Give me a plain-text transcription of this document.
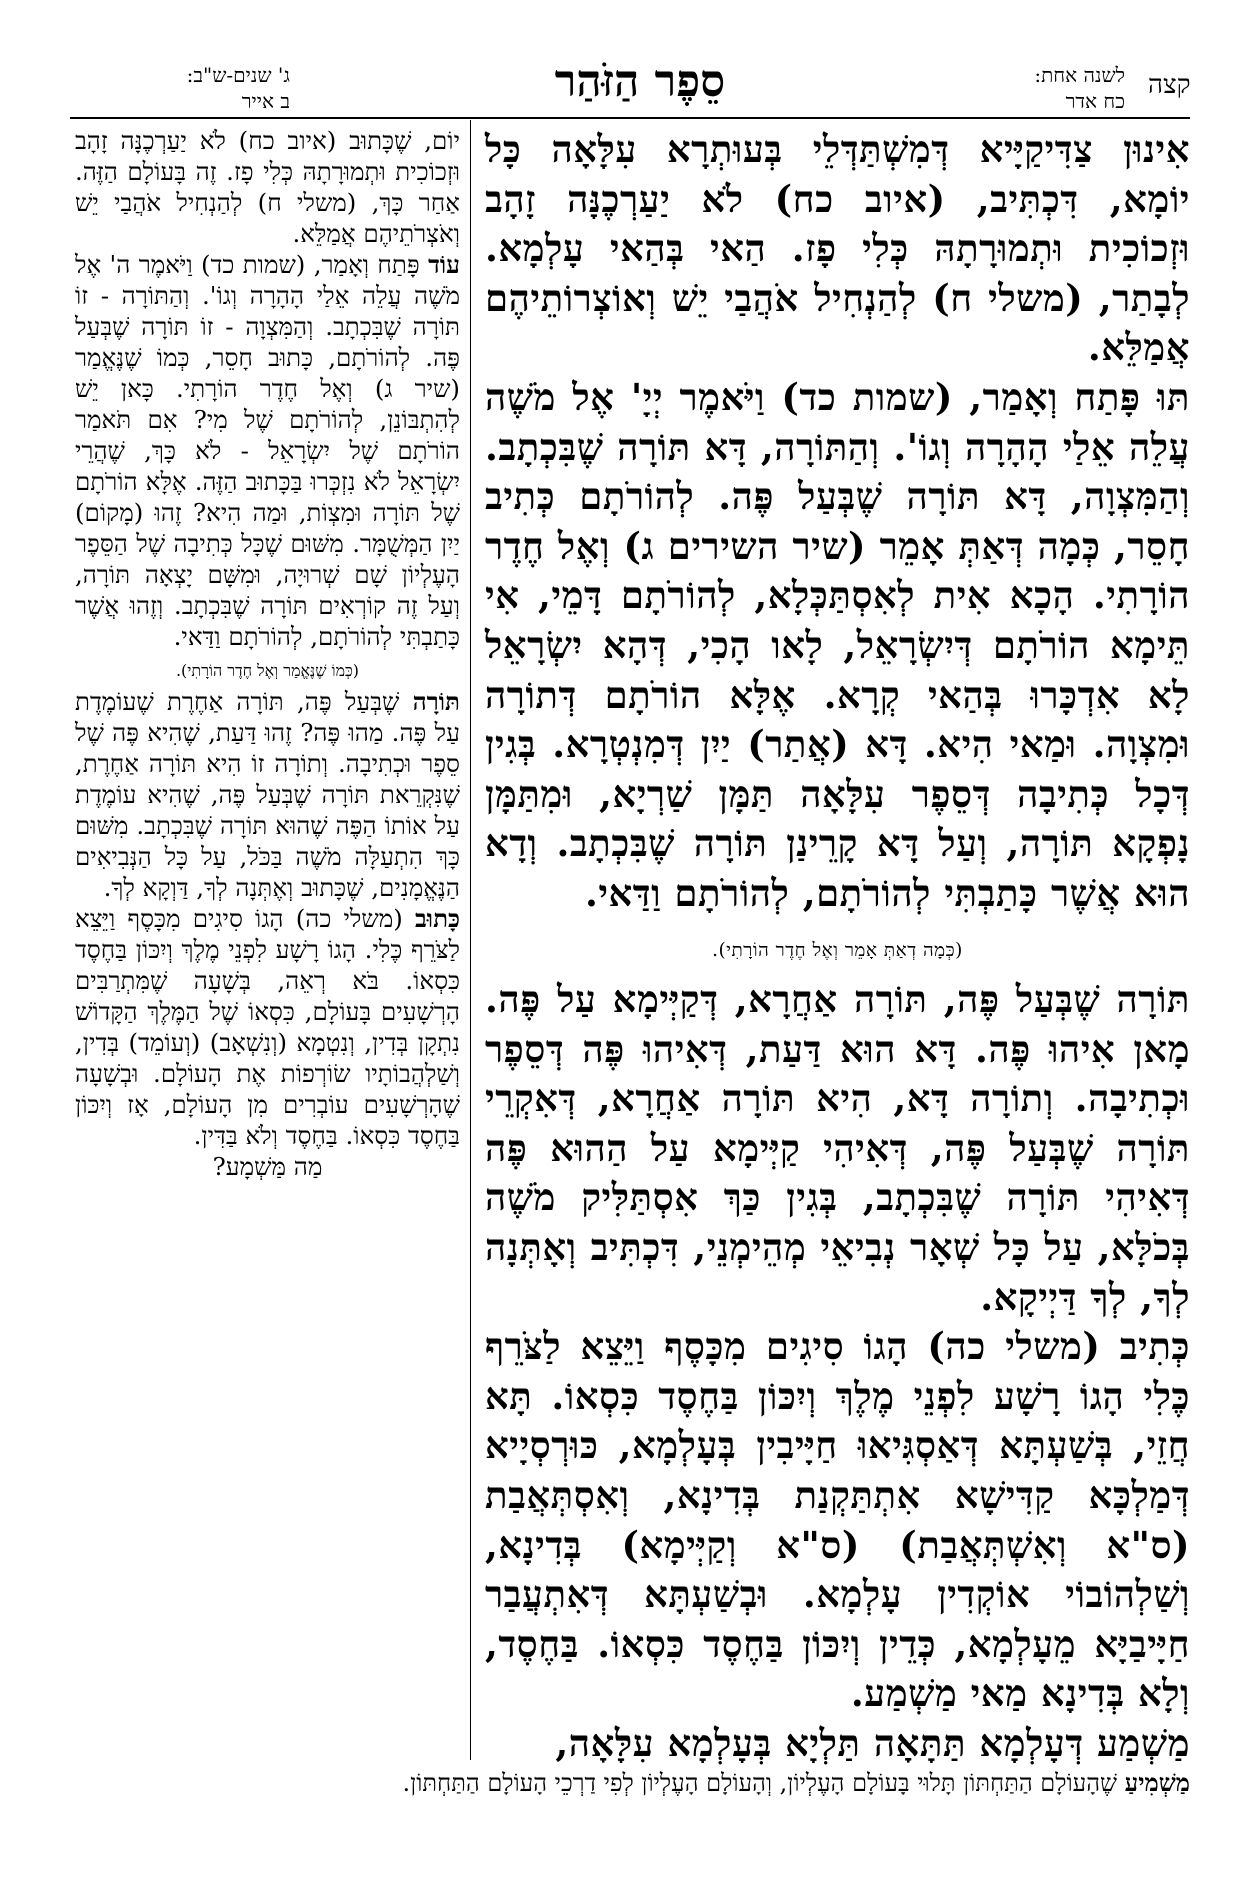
קצה
לשנה אחת:
כח אדר
סֵפֶר הַזֹּהַר
ג' שנים-ש"ב:
ב אייר

אִינוּן צַדִּיקַיָּיא דְּמִשְׁתַּדְּלֵי בְּעוּתְרָא עִלָּאָה כָּל יוֹמָא, דִּכְתִּיב, (איוב כח) לֹא יַעַרְכֶנָּה זָהָב וּזְכוֹכִית וּתְמוּרָתָהּ כְּלִי פָז. הַאי בְּהַאי עָלְמָא. לְבָתַר, (משלי ח) לְהַנְחִיל אֹהֲבַי יֵשׁ וְאוֹצְרוֹתֵיהֶם אֲמַלֵּא.

תּוּ פָּתַח וְאָמַר, (שמות כד) וַיֹּאמֶר יְיָ' אֶל מֹשֶׁה עֲלֵה אֵלַי הָהָרָה וְגוֹ'. וְהַתּוֹרָה, דָּא תּוֹרָה שֶׁבִּכְתָב. וְהַמִּצְוָה, דָּא תּוֹרָה שֶׁבְּעַל פֶּה. לְהוֹרֹתָם כְּתִיב חָסֵר, כְּמָה דְּאַתְּ אָמֵר (שיר השירים ג) וְאֶל חֶדֶר הוֹרָתִי. הָכָא אִית לְאִסְתַּכְּלָא, לְהוֹרֹתָם דָּמֵי, אִי תֵּימָא הוֹרֹתָם דְּיִשְׂרָאֵל, לָאו הָכִי, דְּהָא יִשְׂרָאֵל לָא אִדְכָּרוּ בְּהַאי קְרָא. אֶלָּא הוֹרֹתָם דְּתוֹרָה וּמִצְוָה. וּמַאי הִיא. דָּא (אֲתַר) יַיִן דְּמִנְטְרָא. בְּגִין דְּכָל כְּתִיבָה דְּסֵפֶר עִלָּאָה תַּמָּן שַׁרְיָא, וּמִתַּמָּן נָפְקָא תּוֹרָה, וְעַל דָּא קָרֵינַן תּוֹרָה שֶׁבִּכְתָב. וְדָא הוּא אֲשֶׁר כָּתַבְתִּי לְהוֹרֹתָם, לְהוֹרֹתָם וַדַּאי.

(כְּמָה דְאַתְּ אָמֵר וְאֶל חֶדֶר הוֹרָתִי).

תּוֹרָה שֶׁבְּעַל פֶּה, תּוֹרָה אַחֲרָא, דְּקַיְּימָא עַל פֶּה. מָאן אִיהוּ פֶּה. דָּא הוּא דַּעַת, דְּאִיהוּ פֶּה דְּסֵפֶר וּכְתִיבָה. וְתוֹרָה דָּא, הִיא תּוֹרָה אַחֲרָא, דְּאִקְרֵי תּוֹרָה שֶׁבְּעַל פֶּה, דְּאִיהִי קַיְּימָא עַל הַהוּא פֶּה דְּאִיהִי תּוֹרָה שֶׁבִּכְתָב, בְּגִין כַּךְ אִסְתַּלִּיק מֹשֶׁה בְּכֹלָּא, עַל כָּל שְׁאָר נְבִיאֵי מְהֵימְנֵי, דִּכְתִּיב וְאָתְּנָה לְךָ, לְךָ דַּיְיקָא.

כְּתִיב (משלי כה) הָגוֹ סִיגִים מִכָּסֶף וַיֵּצֵא לַצֹּרֵף כֶּלִי הָגוֹ רָשָׁע לִפְנֵי מֶלֶךְ וְיִכּוֹן בַּחֶסֶד כִּסְאוֹ. תָּא חֲזֵי, בְּשַׁעְתָּא דְּאַסְגִּיאוּ חַיָּיבִין בְּעָלְמָא, כּוּרְסְיָיא דְּמַלְכָּא קַדִּישָׁא אִתְתַּקְנַת בְּדִינָא, וְאִסְתְּאֲבַת (ס"א וְאִשְׁתְּאֲבַת) (ס"א וְקַיְּימָא) בְּדִינָא, וְשַׁלְהוֹבוֹי אוֹקְדִין עָלְמָא. וּבְשַׁעְתָּא דְּאִתְעֲבַר חַיָּיבַיָּא מֵעָלְמָא, כְּדֵין וְיִכּוֹן בַּחֶסֶד כִּסְאוֹ. בַּחֶסֶד, וְלָא בְּדִינָא מַאי מַשְׁמַע.

מַשְׁמַע דְּעָלְמָא תַּתָּאָה תַּלְיָא בְּעָלְמָא עִלָּאָה,

יוֹם, שֶׁכָּתוּב (איוב כח) לֹא יַעַרְכֶנָּה זָהָב וּזְכוֹכִית וּתְמוּרָתָהּ כְּלִי פָז. זֶה בָּעוֹלָם הַזֶּה. אַחַר כָּךְ, (משלי ח) לְהַנְחִיל אֹהֲבַי יֵשׁ וְאֹצְרֹתֵיהֶם אֲמַלֵּא.

עוֹד פָּתַח וְאָמַר, (שמות כד) וַיֹּאמֶר ה' אֶל מֹשֶׁה עֲלֵה אֵלַי הָהָרָה וְגוֹ'. וְהַתּוֹרָה - זוֹ תּוֹרָה שֶׁבִּכְתָב. וְהַמִּצְוָה - זוֹ תּוֹרָה שֶׁבְּעַל פֶּה. לְהוֹרֹתָם, כָּתוּב חָסֵר, כְּמוֹ שֶׁנֶּאֱמַר (שיר ג) וְאֶל חֶדֶר הוֹרָתִי. כָּאן יֵשׁ לְהִתְבּוֹנֵן, לְהוֹרֹתָם שֶׁל מִי? אִם תֹּאמַר הוֹרֹתָם שֶׁל יִשְׂרָאֵל - לֹא כָּךְ, שֶׁהֲרֵי יִשְׂרָאֵל לֹא נִזְכְּרוּ בַּכָּתוּב הַזֶּה. אֶלָּא הוֹרֹתָם שֶׁל תּוֹרָה וּמִצְוֹת, וּמַה הִיא? זֶהוּ (מָקוֹם) יַיִן הַמְּשֻׁמָּר. מִשּׁוּם שֶׁכָּל כְּתִיבָה שֶׁל הַסֵּפֶר הָעֶלְיוֹן שָׁם שְׁרוּיָה, וּמִשָּׁם יָצְאָה תּוֹרָה, וְעַל זֶה קוֹרְאִים תּוֹרָה שֶׁבִּכְתָב. וְזֶהוּ אֲשֶׁר כָּתַבְתִּי לְהוֹרֹתָם, לְהוֹרֹתָם וַדַּאי.

(כְּמוֹ שֶׁנֶּאֱמַר וְאֶל חֶדֶר הוֹרָתִי).

תּוֹרָה שֶׁבְּעַל פֶּה, תּוֹרָה אַחֶרֶת שֶׁעוֹמֶדֶת עַל פֶּה. מַהוּ פֶּה? זֶהוּ דַּעַת, שֶׁהִיא פֶּה שֶׁל סֵפֶר וּכְתִיבָה. וְתוֹרָה זוֹ הִיא תּוֹרָה אַחֶרֶת, שֶׁנִּקְרֵאת תּוֹרָה שֶׁבְּעַל פֶּה, שֶׁהִיא עוֹמֶדֶת עַל אוֹתוֹ הַפֶּה שֶׁהוּא תּוֹרָה שֶׁבִּכְתָב. מִשּׁוּם כָּךְ הִתְעַלָּה מֹשֶׁה בַּכֹּל, עַל כָּל הַנְּבִיאִים הַנֶּאֱמָנִים, שֶׁכָּתוּב וְאֶתְּנָה לְךָ, דַּוְקָא לְךָ.

כָּתוּב (משלי כה) הָגוֹ סִיגִים מִכָּסֶף וַיֵּצֵא לַצֹּרֵף כֶּלִי. הָגוֹ רָשָׁע לִפְנֵי מֶלֶךְ וְיִכּוֹן בַּחֶסֶד כִּסְאוֹ. בֹּא רְאֵה, בְּשָׁעָה שֶׁמִּתְרַבִּים הָרְשָׁעִים בָּעוֹלָם, כִּסְאוֹ שֶׁל הַמֶּלֶךְ הַקָּדוֹשׁ נִתְקָן בְּדִין, וְנִטְמָא (וְנִשְׁאָב) (וְעוֹמֵד) בְּדִין, וְשַׁלְהֲבוֹתָיו שׂוֹרְפוֹת אֶת הָעוֹלָם. וּבְשָׁעָה שֶׁהָרְשָׁעִים עוֹבְרִים מִן הָעוֹלָם, אָז וְיִכּוֹן בַּחֶסֶד כִּסְאוֹ. בַּחֶסֶד וְלֹא בַּדִּין.

מַה מַּשְׁמָע?

מַשְׁמִיעַ שֶׁהָעוֹלָם הַתַּחְתּוֹן תָּלוּי בָּעוֹלָם הָעֶלְיוֹן, וְהָעוֹלָם הָעֶלְיוֹן לְפִי דַרְכֵי הָעוֹלָם הַתַּחְתּוֹן.
